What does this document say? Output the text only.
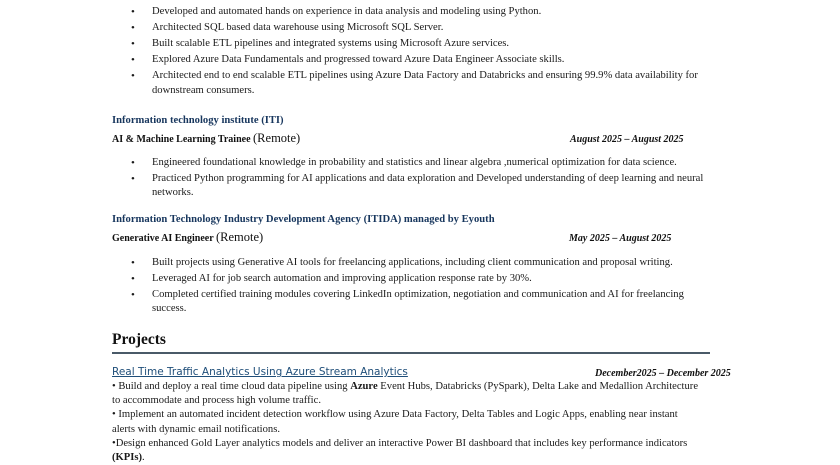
• Developed and automated hands on experience in data analysis and modeling using Python.
• Architected SQL based data warehouse using Microsoft SQL Server.
• Built scalable ETL pipelines and integrated systems using Microsoft Azure services.
• Explored Azure Data Fundamentals and progressed toward Azure Data Engineer Associate skills.
• Architected end to end scalable ETL pipelines using Azure Data Factory and Databricks and ensuring 99.9% data availability for
downstream consumers.
Information technology institute (ITI)
AI & Machine Learning Trainee (Remote)	August 2025 – August 2025
• Engineered foundational knowledge in probability and statistics and linear algebra ,numerical optimization for data science.
• Practiced Python programming for AI applications and data exploration and Developed understanding of deep learning and neural
networks.
Information Technology Industry Development Agency (ITIDA) managed by Eyouth
Generative AI Engineer (Remote)	May 2025 – August 2025
• Built projects using Generative AI tools for freelancing applications, including client communication and proposal writing.
• Leveraged AI for job search automation and improving application response rate by 30%.
• Completed certified training modules covering LinkedIn optimization, negotiation and communication and AI for freelancing
success.
Projects
Real Time Traffic Analytics Using Azure Stream Analytics	December2025 – December 2025

• Build and deploy a real time cloud data pipeline using Azure Event Hubs, Databricks (PySpark), Delta Lake and Medallion Architecture

to accommodate and process high volume traffic.

• Implement an automated incident detection workflow using Azure Data Factory, Delta Tables and Logic Apps, enabling near instant

alerts with dynamic email notifications.

•Design enhanced Gold Layer analytics models and deliver an interactive Power BI dashboard that includes key performance indicators

(KPIs).
